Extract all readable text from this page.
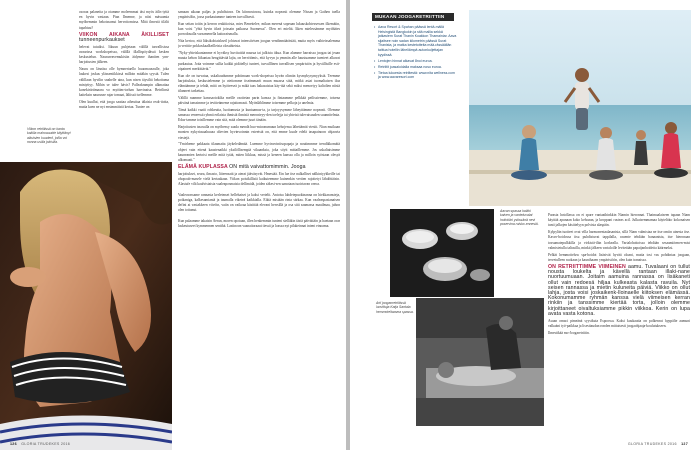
osoraa palaneita ja otamme moleemmat täsi myös äilis-tyitä en hyvin vastaan. Pian Ilmenne, ja niisi mässamia myöhemmin hekotasonut hervottomissa. Mitä ilmestä tilälti tapahtuu?

VIIKON AIKANA ÄKILLISET tunneenpurkaukset

helevat tutuiksi. Itkuun puhjetaan välillä turvallisissa avaarissa workshopeissa, välillä illallispöydässä kesken keskustelun. Naurureavemukisiin äidynme ihaniten ynn-harjoitusten jälkeen.

Nauru on läsnäsa olle bymnertaello huaomausrulle, joka laukesi joskus yläasentikkissä milloin mitäkin syystä. Tulen välillaan hyvilin snahelle aina, kun nisen täysiltä hekottama miniyttyy. Mihin se tulee hävis? Palleakrampin alkmattaa konekirärtimaara vo myöäm-torhan harvinaisa. Betrilinsä kaiteksin naurusne rajar tomaat, läliissä tsellemme.

Olen kuullut, että jooga saattaa aiheuttaa tälaisia reak-tioita, mutta koen ne nyt ensimmäistä kertaa. Tuntee on

Viikon retriitissä on kanta kaiklla mahoauuide käyttänyt aikuisien kuuderii, joilla voi nonna usilla jokisilla.

samaan aikaan paljas ja puhdistava. On kiinnostavaa, kuinka nopeasti olemme Nissan ja Gathen tuella ympärisölin, jossa purkautamme tunteen turvallisesti.

Kun seitan toitin ja kerron reakitioista, mies Benettelee, mikan merenä sopeaan lukuuskohtessessen ilkemäiin, kun voisi "yhtä hyvin itkeä joissain paikassa Suomessa". Olen eri mieltä. Iiken mielessämme myöhätes porrodoualla varsamenella kattoraismalla.

Nita kertoo, että läksikohtaisksetl johtuvat intensiivisen joogan vendinmäärästää, mutta myös vaihteissalemma ja verittie pokkoskaalkeilleista olosuhteista.

"Nyky-yhteiskuntamme ei hyväksy huvituttöä naurua tai julkista itkua. Kun alamme harraissa joogaa tai jeaan muuta kehon liikuntaa hengittävää lajia, on herrötömis, että kyvyn ja ymmän alle haustuamme tuenteet alkavat purkautua. Jotta voimme sallia kaikki pidätellyt tunteet, turvalllinen turvallisen ympäristön ja hyvällisille esit-oipaineet merkittävät."

Kun ole on turvatua, uskaltaudumme pohtimaan work-shopeissa hyvän olimän kysmykysymyyksiä. Teemme harjoituksia, keskustelemme ja otettomme itseämmarit muun muassa siitä, mitkä asiat tuomaltaisen iloa elämäämme ja tehdä, mitä on hyöteeseä ja mikä taas hakasaistaa käy-tää sekä miksi menoeiyy kaltolien niistä tilanneet tarkettaa.

Välillä ruamme kanssaotokilta meille osottetan parin kanssa ja fintaamme pelkkää peilissiemme, toisena päivänä tanssimme ja tevitteämeme rajattomasti. Myönlählimme toisemme pelkoja ja unelmia.

Tämä kaikki vaatii rohkeutta, luottamusta ja kuntaamus-ta, ja tarjoyysymme läheyttämme nopeasti. Olemme samassa veneessä ryhmä erilaista ihmisiä ihmisiä meronieyy-den toelejja tai yhteisä tulevaisuuden suunnitelmia. Edus-tamme toisillemme vain sitä, mitä olemme juuri tänään.

Harjoitusten tasosalla on myöhensy saada mendä huo-mioonumuun kehojensa lähettämät viestit. Niun muikaan monien nykyriasaahuoaa olievien hyvinvoinnin esteeistä on, että emme kuule edelä tasapainoon ohjaavia viestejä.

"Ymirheme pakkaata tilaamaita jäykeledämää. Luemme hyvinvointisopapaja ja noutimmme trendikkomätä ohjeet vain ettenä kaustenaikki yksilöllisempiä vikaanksia, joka söyit mittaillemme. Jos uskaltaisimme kauneanien kertoisi meille mitä tytää, miten liikkua, missä ja keneen kanssa olla ja milloin syöstaan olesyä ulkomaati."

ELÄMÄ KUPLASSA ON mitä vaivattomimmin. Jooga

harjoitukset, seura, ilmasto, liiteensatä ja aterat jääväsyvät. Hmestää. Ein lue itse nalkalliset nälkiniyykkeille tai ohopoab-masele vielä kertaakaan. Viikon poistkillisiä kaikuteemme kuinenkin vertien rajoitetyt lähdöttäisin. Alastufe vilä kaulvistaisia vaaleaposmaisia dellimidä, joiden säkesi-sen uanotaan tuoirtavan oreoa.

Vaaleavassame rannasta kerletmset hellehaiset ja kaksi vertelit. Antoisa lahdetepuokinanna on hiekkaransteja, poikaniga, kalkesamiantä ja taumalla viketeä kaikkialla. Eiktä mistään rinta särkaa. Kun vaaleaspasianaisen defini ai vastakkeen viivöin, vaiin on vaikoaa käsittää elevani herrsillä ja osa sitä saamassa maailmaa, juhon olen tottunut.

Kun palaamme takaisin Aerun, moren opotuan, illen henkemmin tunteni sielläkin tästä päivättäin ja haetaan orar laskeutuseet kymmennen sentthä. Lastinoon vaanaitoraaut tiessä ja loassa nyt pilakeinnat intent etnoama.

126 GLORIA TRUDEKES 2016
MUKAAN JOOGARETRIITTIIN
• Aava Resort & Spahan päässä lentä-mällä Helsingistä Bangkokin ja sitä mallia sekkä jatkaviem Surat Thanin Koakkon Thamainiar. Aava sijaitsee noin sadan kilometrin päässä Surat Thanista, ja matka kestetotteita mää-rässäällän taittua hotellin läheliämpä autonkuljettajan kyydissä.
• Lentojen hinnat alkavat 8noi euroa.
• Retriitit joasaloidalla maksaa noso euroa.
• Tietoa lukuesta retriitestä: www.nita wellness.com ja www.aavaresort.com
Aavan spassa kaikki kaiven ja vanteluvalat hoitokäri ystissänä nevi poservina ruisko-ennesiä.
Arti jooganretriitissä luovittuja Katja Santala hemmoteltaavna spassa.

Parasta hotollassa on ei spare vantaathinkkin Niamin hieronnat. Thaimaalaiseen tapaan Niam käyttää apunaan koko kehoaan, ja kroppani rusteas acil. Julkaisemmamaa käyteltäto kokonaisen tunti jalkojen käsittelyyn polvista alaspäin.

Kylpylän tuotteet ovat villa harmonentaalasanisia, sillä Niam valmistaa ne itse omiin ainesta itse. Kasvo-hoidossa itsu puhdistuvat tappilalla, rauente tehdään banaanista, itse hieronaan tossumatepulkkilla ja virkistä-ilän korkealla. Vartalohoitoissa tehdään sesaamiörmen-mist valmistetulla taltasilla, minkä jälkeen vartaloille levitetään papaijanhoidetta käärmeksi.

Pelkät hemmotteluw spa-hoidot lisäsivät hyvää oloani, mutta tosi vas pohdintaa joogaan, tervetulleen ruokaan ja kaunihaaen ympäristöön, olen kuin tranaissa.

ON RETRIITTIMME VIIMEINEN aamu. Tuvalaani on tullut nousta loukelta ja kävellä rantaan illaki-nane nuortuumuaan. Joitaim aamuina rannassa on lisäkaneti ollut vain redoesä hiljaa kulkeasta kalasta ravuila. Nyt seisen rannassa ja mietin kuluneita päiviä. Viikko on ollut lahja, josta voisi joskaikenk-lloinaelle kiitoksen elämässä. Kokonumamme ryhmän kanssa vielä viimeisen kerran rinkiin ja tanssimme kiertää torta, jolloin olemme kirjoittaneet oivaltuksiamme pikkin viikkoa. Kerin on lupa avata vasta kotona.

Asuan omaci pimeänä syystkuta Espoossa. Kaksi kuukautta on polkenrut hyppälte aamuni valkaäni työ-paikkaa ja lisesttaudan ronden mittaisesti joogaohjaaja-koulutukseen.

Ilmestikää mo-Joogaretriitin.

GLORIA TRUDEKES 2016 127
